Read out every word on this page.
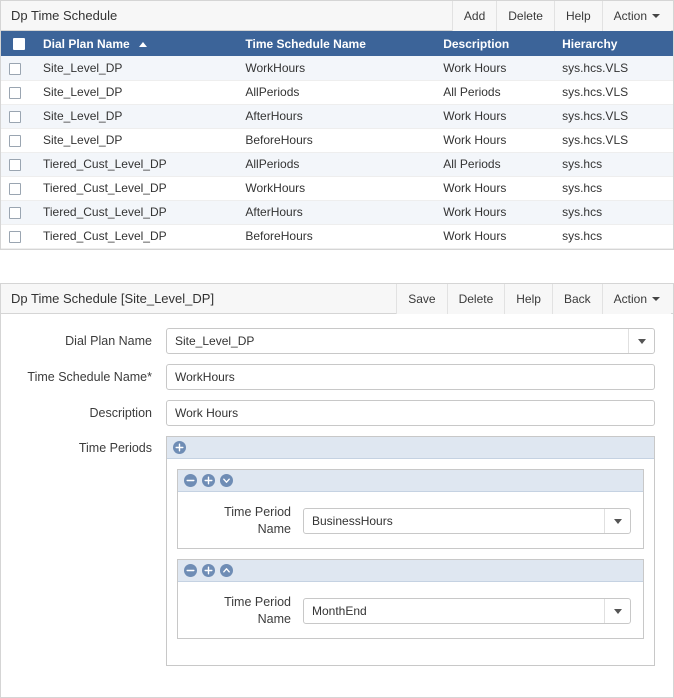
Dp Time Schedule	Add Delete Help Action
	Dial Plan Name	Time Schedule Name	Description	Hierarchy
	Site_Level_DP	WorkHours	Work Hours	sys.hcs.VLS
	Site_Level_DP	AllPeriods	All Periods	sys.hcs.VLS
	Site_Level_DP	AfterHours	Work Hours	sys.hcs.VLS
	Site_Level_DP	BeforeHours	Work Hours	sys.hcs.VLS
	Tiered_Cust_Level_DP	AllPeriods	All Periods	sys.hcs
	Tiered_Cust_Level_DP	WorkHours	Work Hours	sys.hcs
	Tiered_Cust_Level_DP	AfterHours	Work Hours	sys.hcs
	Tiered_Cust_Level_DP	BeforeHours	Work Hours	sys.hcs
Dp Time Schedule [Site_Level_DP]	Save Delete Help Back Action
Dial Plan Name	Site_Level_DP
Time Schedule Name*	WorkHours
Description	Work Hours
Time Periods
Time Period
Name
BusinessHours
Time Period
Name
MonthEnd
